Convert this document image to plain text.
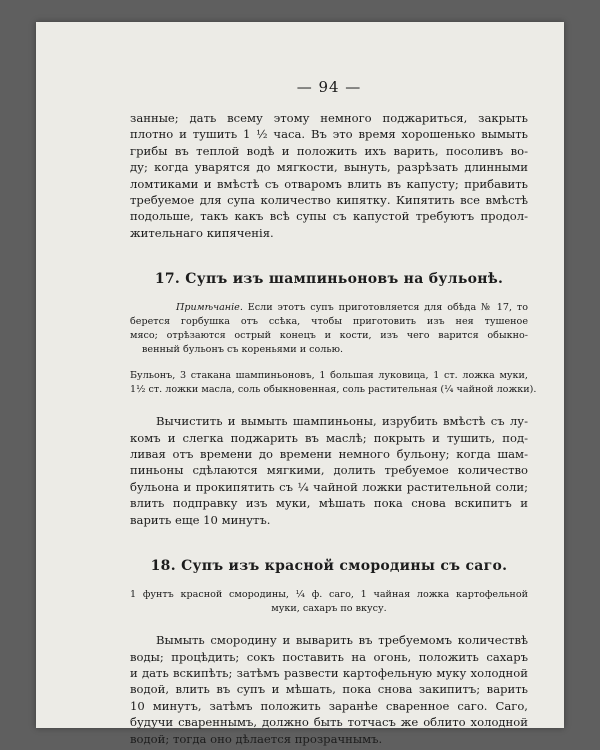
— 94 —

занные; дать всему этому немного поджариться, закрыть
плотно и тушить 1 ½ часа. Въ это время хорошенько вымыть
грибы въ теплой водѣ и положить ихъ варить, посоливъ во-
ду; когда уварятся до мягкости, вынуть, разрѣзать длинными
ломтиками и вмѣстѣ съ отваромъ влить въ капусту; прибавить
требуемое для супа количество кипятку. Кипятить все вмѣстѣ
подольше, такъ какъ всѣ супы съ капустой требуютъ продол-
жительнаго кипяченія.

17. Супъ изъ шампиньоновъ на бульонѣ.

Примѣчаніе. Если этотъ супъ приготовляется для обѣда № 17, то
берется горбушка отъ ссѣка, чтобы приготовить изъ нея тушеное
мясо; отрѣзаются острый конецъ и кости, изъ чего варится обыкно-
венный бульонъ съ кореньями и солью.

Бульонъ, 3 стакана шампиньоновъ, 1 большая луковица, 1 ст. ложка муки,
1½ ст. ложки масла, соль обыкновенная, соль растительная (¼ чайной ложки).

Вычистить и вымыть шампиньоны, изрубить вмѣстѣ съ лу-
комъ и слегка поджарить въ маслѣ; покрыть и тушить, под-
ливая отъ времени до времени немного бульону; когда шам-
пиньоны сдѣлаются мягкими, долить требуемое количество
бульона и прокипятить съ ¼ чайной ложки растительной соли;
влить подправку изъ муки, мѣшать пока снова вскипитъ и
варить еще 10 минутъ.

18. Супъ изъ красной смородины съ саго.

1 фунтъ красной смородины, ¼ ф. саго, 1 чайная ложка картофельной
муки, сахаръ по вкусу.

Вымыть смородину и выварить въ требуемомъ количествѣ
воды; процѣдить; сокъ поставить на огонь, положить сахаръ
и дать вскипѣть; затѣмъ развести картофельную муку холодной
водой, влить въ супъ и мѣшать, пока снова закипитъ; варить
10 минутъ, затѣмъ положить заранѣе сваренное саго. Саго,
будучи свареннымъ, должно быть тотчасъ же облито холодной
водой; тогда оно дѣлается прозрачнымъ.
